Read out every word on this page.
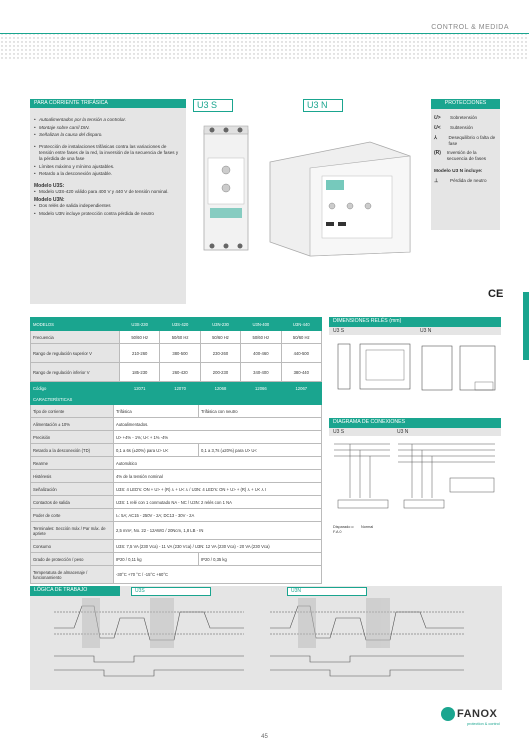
CONTROL & MEDIDA
PARA CORRIENTE TRIFÁSICA
• Autoalimentados por la tensión a controlar.
• Montaje sobre carril DIN.
• Señalizan la causa del disparo.
• Protección de instalaciones trifásicas contra las variaciones de tensión entre fases de la red, la inversión de la secuencia de fases y la pérdida de una fase
• Límites máximo y mínimo ajustables.
• Retardo a la desconexión ajustable.
Modelo U3S:
• Modelo U3S-420 válido para 400 V y 440 V de tensión nominal.
Modelo U3N:
• Dos relés de salida independientes
• Modelo U3N incluye protección contra pérdida de neutro
U3 S	U3 N	PROTECCIONES
U>	Sobretensión
U<	Subtensión
⅄	Desequilibrio o falta de fase
(R)	Inversión de la secuencia de fases
Modelo U3 N incluye:
⊥	Pérdida de neutro
CE
MODELOS	U3S-230	U3S-420	U3N-230	U3N-400	U3N-440
Frecuencia	50/60 Hz	50/60 Hz	50/60 Hz	50/60 Hz	50/60 Hz
Rango de regulación superior V	210-260	380-500	230-260	400-460	440-500
Rango de regulación inferior V	185-230	260-420	200-230	340-400	380-440
Código	12071	12070	12068	12066	12067
CARACTERÍSTICAS		
Tipo de corriente	Trifásica	Trifásica con neutro
Alimentación ± 10%	Autoalimentados.	
Precisión	U> +4% - 1%; U< + 1% -4%	
Retardo a la desconexión (TD)	0,1 a 6s (±20%) para U> U<	0,1 a 3,7s (±20%) para U> U<
Rearme	Automático	
Histéresis	4% de la tensión nominal	
Señalización	U3S: 4 LED's: ON + U> + (R) ⅄ + U< ⅄ / U3N: 4 LED's: ON + U> + (R) ⅄ + U< ⅄ I	
Contactos de salida	U3S: 1 relé con 1 conmutado NA - NC / U3N: 2 relés con 1 NA	
Poder de corte	Iₙ: 5A; AC15 - 250V - 2A; DC13 - 30V - 2A	
Terminales: Sección máx / Par máx. de apriete	2,5 mm², No. 22 - 12AWG / 20Ncm, 1,8 LB - IN	
Consumo	U3S: 7,5 VA (230 Vca) - 11 VA (230 Vca) / U3N: 12 VA (230 Vca) - 20 VA (230 Vca)	
Grado de protección / peso	IP20 / 0,11 kg	IP20 / 0,35 kg
Temperatura de almacenaje / funcionamiento	-30°C +70 °C / -15°C +60°C	
DIMENSIONES RELÉS (mm)
U3 S	U3 N
DIAGRAMA DE CONEXIONES
U3 S	U3 N
Disparado o F.A 0
Normal
LÓGICA DE TRABAJO	U3S	U3N
45
FANOX
protection & control
